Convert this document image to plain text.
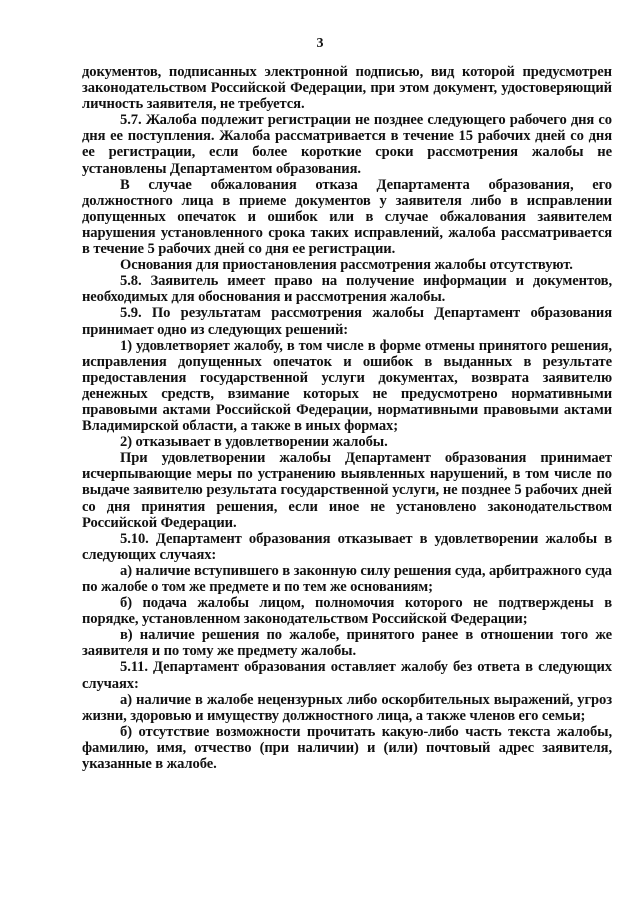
3

документов, подписанных электронной подписью, вид которой предусмотрен законодательством Российской Федерации, при этом документ, удостоверяющий личность заявителя, не требуется.

5.7. Жалоба подлежит регистрации не позднее следующего рабочего дня со дня ее поступления. Жалоба рассматривается в течение 15 рабочих дней со дня ее регистрации, если более короткие сроки рассмотрения жалобы не установлены Департаментом образования.

В случае обжалования отказа Департамента образования, его должностного лица в приеме документов у заявителя либо в исправлении допущенных опечаток и ошибок или в случае обжалования заявителем нарушения установленного срока таких исправлений, жалоба рассматривается в течение 5 рабочих дней со дня ее регистрации.

Основания для приостановления рассмотрения жалобы отсутствуют.

5.8. Заявитель имеет право на получение информации и документов, необходимых для обоснования и рассмотрения жалобы.

5.9. По результатам рассмотрения жалобы Департамент образования принимает одно из следующих решений:

1) удовлетворяет жалобу, в том числе в форме отмены принятого решения, исправления допущенных опечаток и ошибок в выданных в результате предоставления государственной услуги документах, возврата заявителю денежных средств, взимание которых не предусмотрено нормативными правовыми актами Российской Федерации, нормативными правовыми актами Владимирской области, а также в иных формах;

2) отказывает в удовлетворении жалобы.

При удовлетворении жалобы Департамент образования принимает исчерпывающие меры по устранению выявленных нарушений, в том числе по выдаче заявителю результата государственной услуги, не позднее 5 рабочих дней со дня принятия решения, если иное не установлено законодательством Российской Федерации.

5.10. Департамент образования отказывает в удовлетворении жалобы в следующих случаях:

а) наличие вступившего в законную силу решения суда, арбитражного суда по жалобе о том же предмете и по тем же основаниям;

б) подача жалобы лицом, полномочия которого не подтверждены в порядке, установленном законодательством Российской Федерации;

в) наличие решения по жалобе, принятого ранее в отношении того же заявителя и по тому же предмету жалобы.

5.11. Департамент образования оставляет жалобу без ответа в следующих случаях:

а) наличие в жалобе нецензурных либо оскорбительных выражений, угроз жизни, здоровью и имуществу должностного лица, а также членов его семьи;

б) отсутствие возможности прочитать какую-либо часть текста жалобы, фамилию, имя, отчество (при наличии) и (или) почтовый адрес заявителя, указанные в жалобе.
